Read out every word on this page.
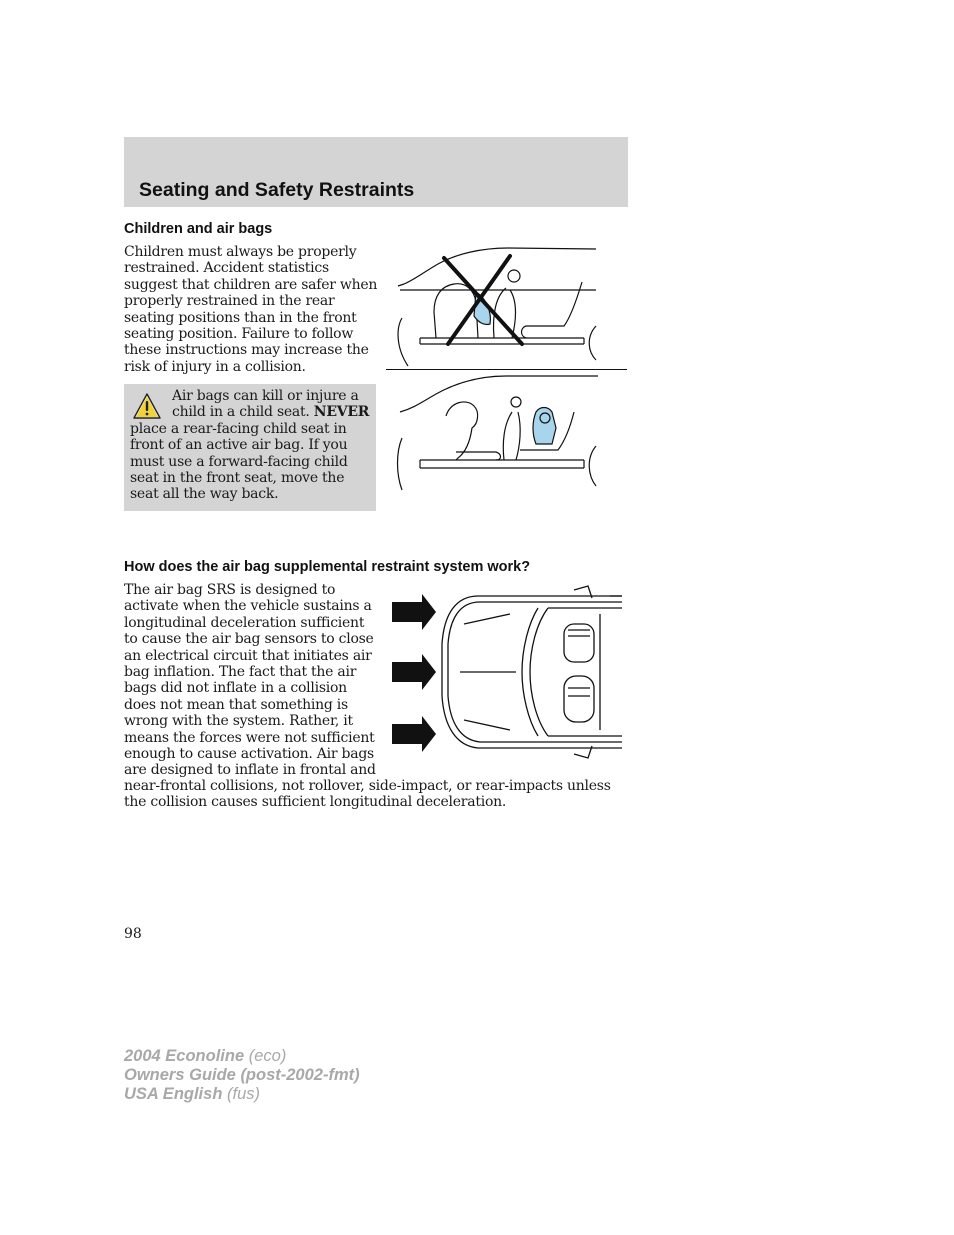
Seating and Safety Restraints
Children and air bags

Children must always be properly restrained. Accident statistics suggest that children are safer when properly restrained in the rear seating positions than in the front seating position. Failure to follow these instructions may increase the risk of injury in a collision.

Air bags can kill or injure a child in a child seat. NEVER place a rear-facing child seat in front of an active air bag. If you must use a forward-facing child seat in the front seat, move the seat all the way back.

How does the air bag supplemental restraint system work?

The air bag SRS is designed to activate when the vehicle sustains a longitudinal deceleration sufficient to cause the air bag sensors to close an electrical circuit that initiates air bag inflation. The fact that the air bags did not inflate in a collision does not mean that something is wrong with the system. Rather, it means the forces were not sufficient enough to cause activation. Air bags are designed to inflate in frontal and

near-frontal collisions, not rollover, side-impact, or rear-impacts unless the collision causes sufficient longitudinal deceleration.

98
2004 Econoline (eco)
Owners Guide (post-2002-fmt)
USA English (fus)
